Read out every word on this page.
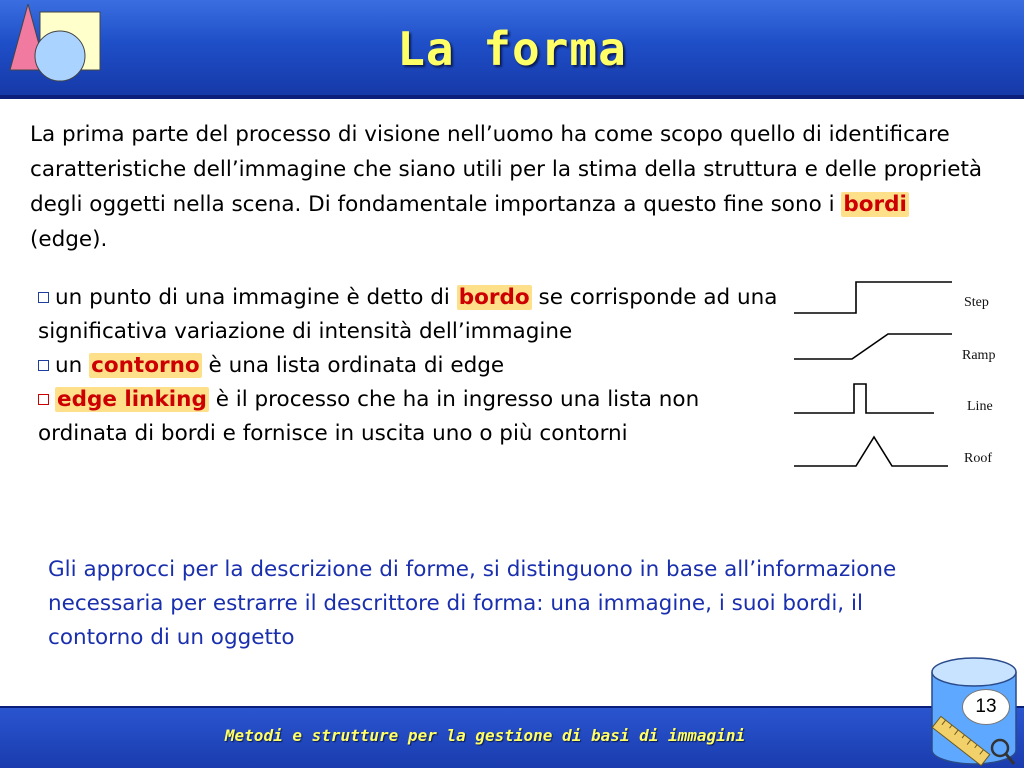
La forma
La prima parte del processo di visione nell’uomo ha come scopo quello di identificare caratteristiche dell’immagine che siano utili per la stima della struttura e delle proprietà degli oggetti nella scena. Di fondamentale importanza a questo fine sono i bordi (edge).
un punto di una immagine è detto di bordo se corrisponde ad una significativa variazione di intensità dell’immagine
un contorno è una lista ordinata di edge
edge linking è il processo che ha in ingresso una lista non ordinata di bordi e fornisce in uscita uno o più contorni
Step
Ramp
Line
Roof
Gli approcci per la descrizione di forme, si distinguono in base all’informazione necessaria per estrarre il descrittore di forma: una immagine, i suoi bordi, il contorno di un oggetto
Metodi e strutture per la gestione di basi di immagini
13
